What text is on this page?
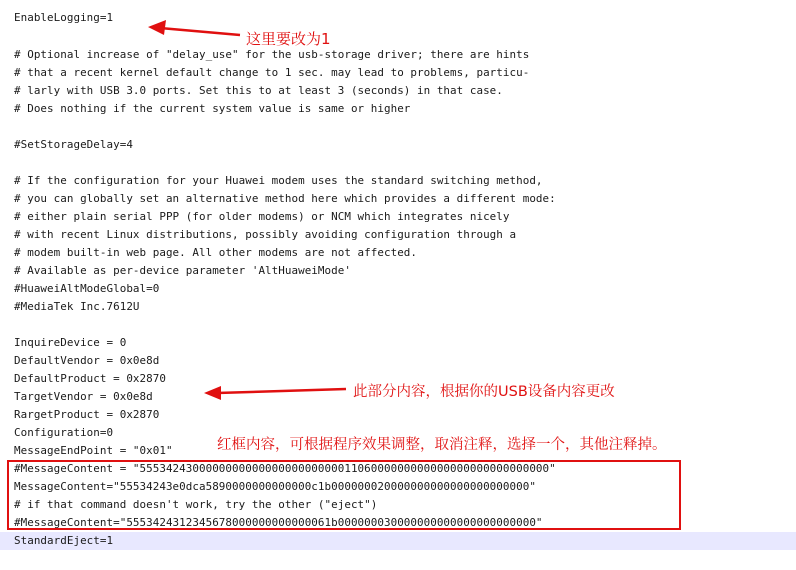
EnableLogging=1
# Optional increase of "delay_use" for the usb-storage driver; there are hints
# that a recent kernel default change to 1 sec. may lead to problems, particu-
# larly with USB 3.0 ports. Set this to at least 3 (seconds) in that case.
# Does nothing if the current system value is same or higher
#SetStorageDelay=4
# If the configuration for your Huawei modem uses the standard switching method,
# you can globally set an alternative method here which provides a different mode:
# either plain serial PPP (for older modems) or NCM which integrates nicely
# with recent Linux distributions, possibly avoiding configuration through a
# modem built-in web page. All other modems are not affected.
# Available as per-device parameter 'AltHuaweiMode'
#HuaweiAltModeGlobal=0
#MediaTek Inc.7612U
InquireDevice = 0
DefaultVendor = 0x0e8d
DefaultProduct = 0x2870
TargetVendor = 0x0e8d
RargetProduct = 0x2870
Configuration=0
MessageEndPoint = "0x01"
#MessageContent = "55534243000000000000000000000001106000000000000000000000000000"
MessageContent="55534243e0dca5890000000000000c1b000000020000000000000000000000"
# if that command doesn't work, try the other ("eject")
#MessageContent="5553424312345678000000000000061b000000030000000000000000000000"
StandardEject=1
这里要改为1
此部分内容，根据你的USB设备内容更改
红框内容，可根据程序效果调整，取消注释，选择一个，其他注释掉。
